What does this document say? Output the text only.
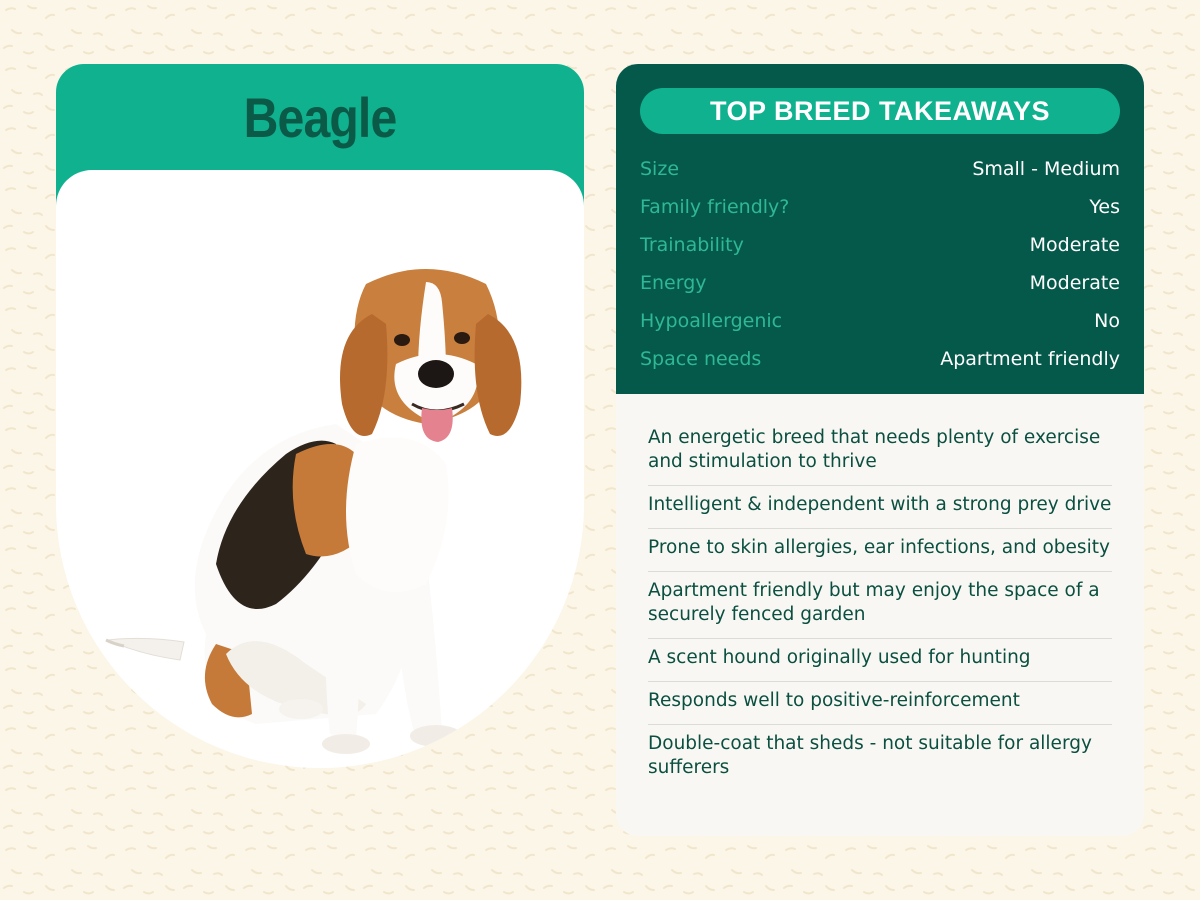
Beagle	TOP BREED TAKEAWAYS
Size	Small - Medium
Family friendly?	Yes
Trainability	Moderate
Energy	Moderate
Hypoallergenic	No
Space needs	Apartment friendly
An energetic breed that needs plenty of exercise and stimulation to thrive
Intelligent & independent with a strong prey drive
Prone to skin allergies, ear infections, and obesity
Apartment friendly but may enjoy the space of a securely fenced garden
A scent hound originally used for hunting
Responds well to positive-reinforcement
Double-coat that sheds - not suitable for allergy sufferers
